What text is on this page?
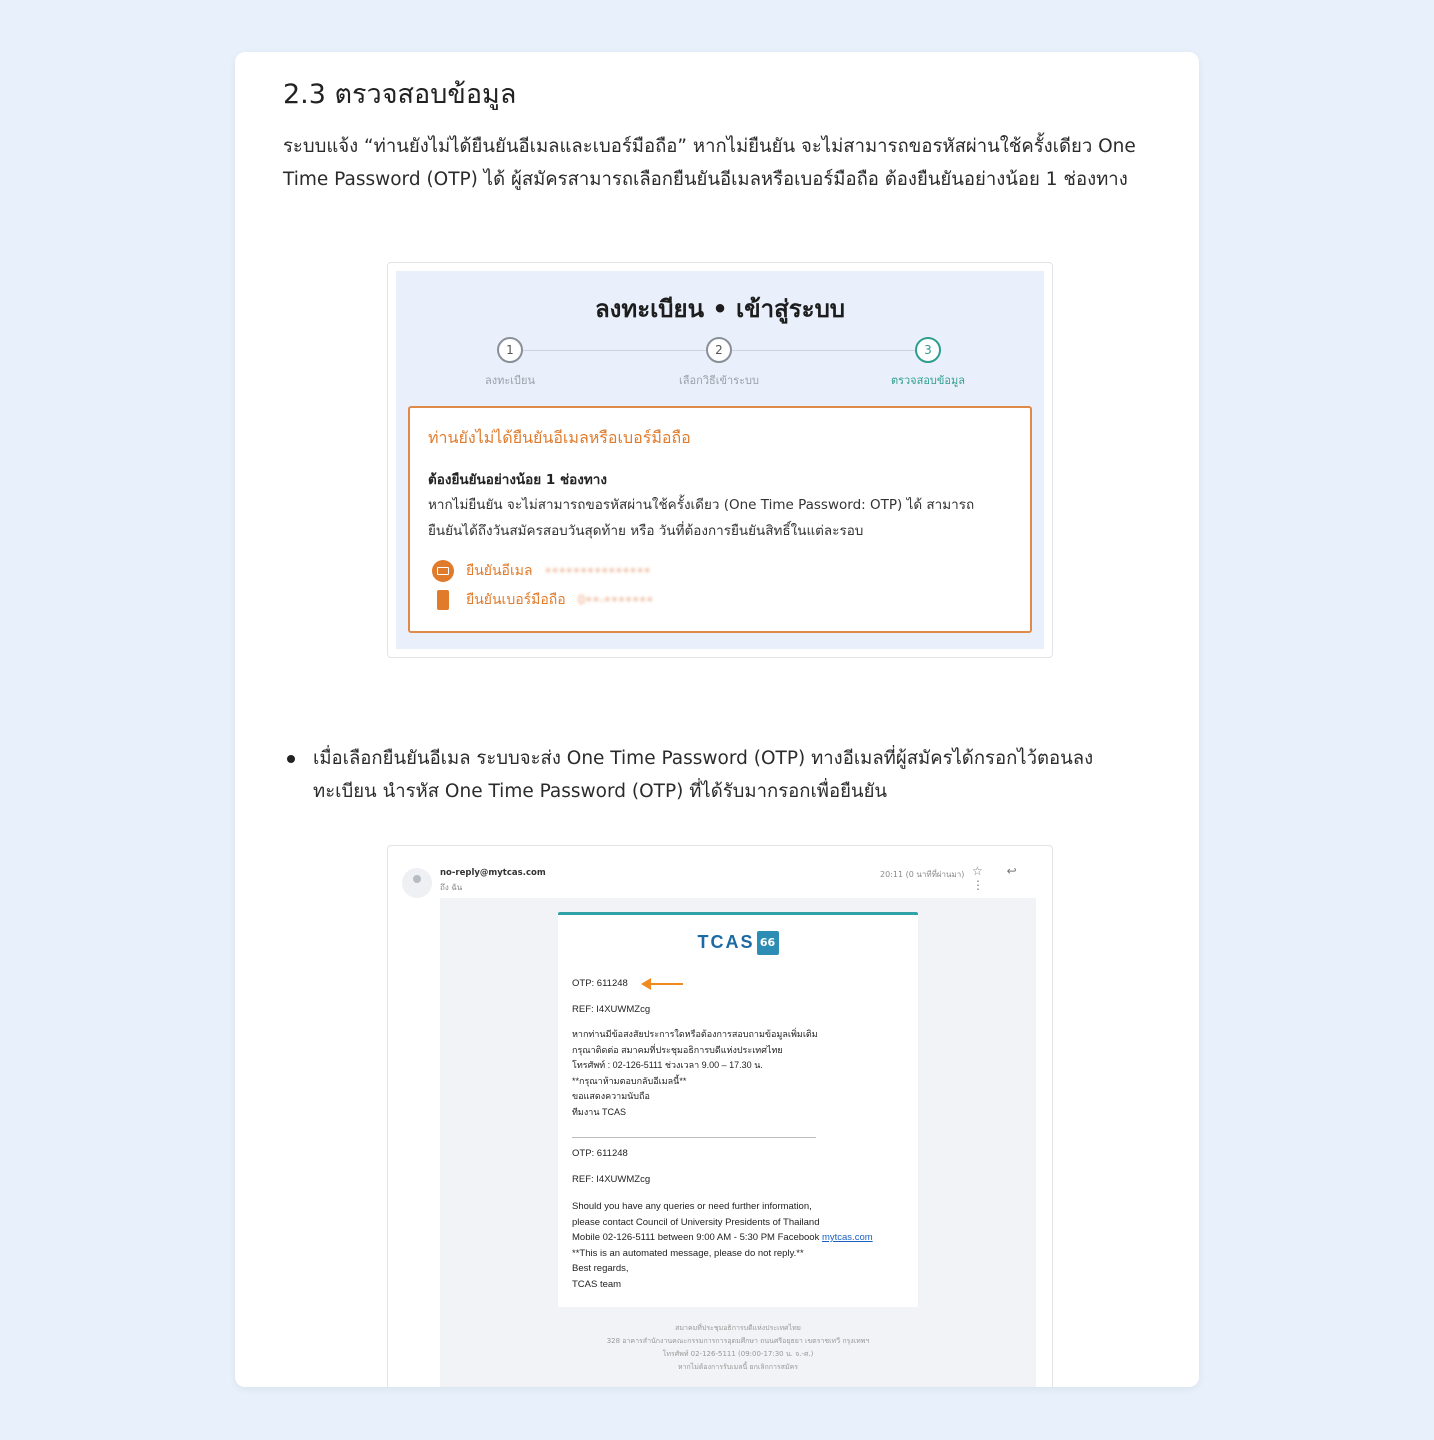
2.3 ตรวจสอบข้อมูล

ระบบแจ้ง “ท่านยังไม่ได้ยืนยันอีเมลและเบอร์มือถือ” หากไม่ยืนยัน จะไม่สามารถขอรหัสผ่านใช้ครั้งเดียว One Time Password (OTP) ได้ ผู้สมัครสามารถเลือกยืนยันอีเมลหรือเบอร์มือถือ ต้องยืนยันอย่างน้อย 1 ช่องทาง

ลงทะเบียน • เข้าสู่ระบบ
1
ลงทะเบียน
2
เลือกวิธีเข้าระบบ
3
ตรวจสอบข้อมูล
ท่านยังไม่ได้ยืนยันอีเมลหรือเบอร์มือถือ
ต้องยืนยันอย่างน้อย 1 ช่องทาง
หากไม่ยืนยัน จะไม่สามารถขอรหัสผ่านใช้ครั้งเดียว (One Time Password: OTP) ได้ สามารถยืนยันได้ถึงวันสมัครสอบวันสุดท้าย หรือ วันที่ต้องการยืนยันสิทธิ์ในแต่ละรอบ
ยืนยันอีเมล •••••••••••••••
ยืนยันเบอร์มือถือ 0••-•••••••

เมื่อเลือกยืนยันอีเมล ระบบจะส่ง One Time Password (OTP) ทางอีเมลที่ผู้สมัครได้กรอกไว้ตอนลงทะเบียน นำรหัส One Time Password (OTP) ที่ได้รับมากรอกเพื่อยืนยัน

no-reply@mytcas.com
ถึง ฉัน
20:11 (0 นาทีที่ผ่านมา) ☆ ↩ ⋮
TCAS 66
OTP: 611248
REF: I4XUWMZcg
หากท่านมีข้อสงสัยประการใดหรือต้องการสอบถามข้อมูลเพิ่มเติม
กรุณาติดต่อ สมาคมที่ประชุมอธิการบดีแห่งประเทศไทย
โทรศัพท์ : 02-126-5111 ช่วงเวลา 9.00 – 17.30 น.
**กรุณาห้ามตอบกลับอีเมลนี้**
ขอแสดงความนับถือ
ทีมงาน TCAS
OTP: 611248
REF: I4XUWMZcg
Should you have any queries or need further information,
please contact Council of University Presidents of Thailand
Mobile 02-126-5111 between 9:00 AM - 5:30 PM Facebook mytcas.com
**This is an automated message, please do not reply.**
Best regards,
TCAS team
สมาคมที่ประชุมอธิการบดีแห่งประเทศไทย
328 อาคารสำนักงานคณะกรรมการการอุดมศึกษา ถนนศรีอยุธยา เขตราชเทวี กรุงเทพฯ
โทรศัพท์ 02-126-5111 (09:00-17:30 น. จ.-ศ.)
หากไม่ต้องการรับเมลนี้ ยกเลิกการสมัคร
